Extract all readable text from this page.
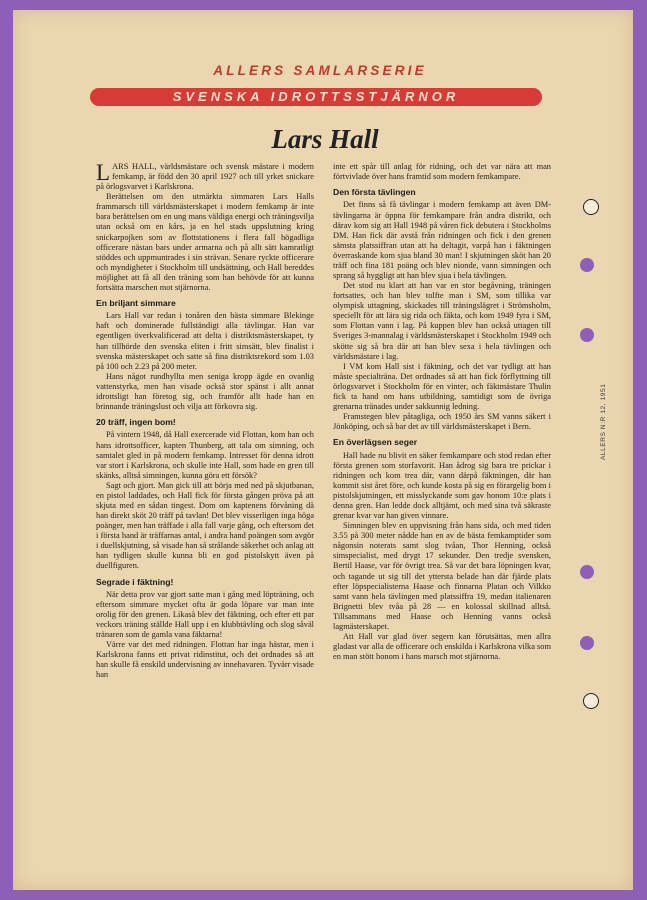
ALLERS SAMLARSERIE
SVENSKA IDROTTSSTJÄRNOR
Lars Hall

LARS HALL, världsmästare och svensk mästare i modern femkamp, är född den 30 april 1927 och till yrket snickare på örlogsvarvet i Karlskrona.

Berättelsen om den utmärkta simmaren Lars Halls frammarsch till världsmästerskapet i modern femkamp är inte bara berättelsen om en ung mans väldiga energi och träningsvilja utan också om en kårs, ja en hel stads uppslutning kring snickarpojken som av flottstationens i flera fall högadliga officerare nästan bars under armarna och på allt sätt kamratligt stöddes och uppmuntrades i sin strävan. Senare ryckte officerare och myndigheter i Stockholm till undsättning, och Hall bereddes möjlighet att få all den träning som han behövde för att kunna fortsätta marschen mot stjärnorna.

En briljant simmare

Lars Hall var redan i tonåren den bästa simmare Blekinge haft och dominerade fullständigt alla tävlingar. Han var egentligen överkvalificerad att delta i distriktsmästerskapet, ty han tillhörde den svenska eliten i fritt simsätt, blev finalist i svenska mästerskapet och satte så fina distriktsrekord som 1.03 på 100 och 2.23 på 200 meter.

Hans något rundhyllta men seniga kropp ägde en ovanlig vattenstyrka, men han visade också stor spänst i allt annat idrottsligt han företog sig, och framför allt hade han en brinnande träningslust och vilja att förkovra sig.

20 träff, ingen bom!

På vintern 1948, då Hall exercerade vid Flottan, kom han och hans idrottsofficer, kapten Thunberg, att tala om simning, och samtalet gled in på modern femkamp. Intresset för denna idrott var stort i Karlskrona, och skulle inte Hall, som hade en gren till skänks, alltså simningen, kunna göra ett försök?

Sagt och gjort. Man gick till att börja med ned på skjutbanan, en pistol laddades, och Hall fick för första gången pröva på att skjuta med en sådan tingest. Dom om kaptenens förvåning då han direkt sköt 20 träff på tavlan! Det blev visserligen inga höga poänger, men han träffade i alla fall varje gång, och eftersom det i första hand är träffarnas antal, i andra hand poängen som avgör i duellskjutning, så visade han så strålande säkerhet och anlag att han tydligen skulle kunna bli en god pistolskytt även på duellfiguren.

Segrade i fäktning!

När detta prov var gjort satte man i gång med löpträning, och eftersom simmare mycket ofta är goda löpare var man inte orolig för den grenen. Likaså blev det fäktning, och efter ett par veckors träning ställde Hall upp i en klubbtävling och slog såväl tränaren som de gamla vana fäktarna!

Värre var det med ridningen. Flottan har inga hästar, men i Karlskrona fanns ett privat ridinstitut, och det ordnades så att han skulle få enskild undervisning av innehavaren. Tyvärr visade han

inte ett spår till anlag för ridning, och det var nära att man förtvivlade över hans framtid som modern femkampare.

Den första tävlingen

Det finns så få tävlingar i modern femkamp att även DM-tävlingarna är öppna för femkampare från andra distrikt, och därav kom sig att Hall 1948 på våren fick debutera i Stockholms DM. Han fick där avstå från ridningen och fick i den grenen sämsta platssiffran utan att ha deltagit, varpå han i fäktningen överraskande kom sjua bland 30 man! I skjutningen sköt han 20 träff och fina 181 poäng och blev nionde, vann simningen och sprang så hyggligt att han blev sjua i hela tävlingen.

Det stod nu klart att han var en stor begåvning, träningen fortsattes, och han blev tolfte man i SM, som tillika var olympisk uttagning, skickades till träningslägret i Strömsholm, speciellt för att lära sig rida och fäkta, och kom 1949 fyra i SM, som Flottan vann i lag. På kuppen blev han också uttagen till Sveriges 3-mannalag i världsmästerskapet i Stockholm 1949 och skötte sig så bra där att han blev sexa i hela tävlingen och världsmästare i lag.

I VM kom Hall sist i fäktning, och det var tydligt att han måste specialträna. Det ordnades så att han fick förflyttning till örlogsvarvet i Stockholm för en vinter, och fäktmästare Thulin fick ta hand om hans utbildning, samtidigt som de övriga grenarna tränades under sakkunnig ledning.

Framstegen blev påtagliga, och 1950 års SM vanns säkert i Jönköping, och så bar det av till världsmästerskapet i Bern.

En överlägsen seger

Hall hade nu blivit en säker femkampare och stod redan efter första grenen som storfavorit. Han ådrog sig bara tre prickar i ridningen och kom trea där, vann därpå fäktningen, där han kommit sist året före, och kunde kosta på sig en förargelig bom i pistolskjutningen, ett misslyckande som gav honom 10:e plats i denna gren. Han ledde dock alltjämt, och med sina två säkraste grenar kvar var han given vinnare.

Simningen blev en uppvisning från hans sida, och med tiden 3.55 på 300 meter nådde han en av de bästa femkamptider som någonsin noterats samt slog tvåan, Thor Henning, också simspecialist, med drygt 17 sekunder. Den tredje svensken, Bertil Haase, var för övrigt trea. Så var det bara löpningen kvar, och tagande ut sig till det yttersta belade han där fjärde plats efter löpspecialisterna Haase och finnarna Platan och Vilkko samt vann hela tävlingen med platssiffra 19, medan italienaren Brignetti blev tvåa på 28 — en kolossal skillnad alltså. Tillsammans med Haase och Henning vanns också lagmästerskapet.

Att Hall var glad över segern kan förutsättas, men allra gladast var alla de officerare och enskilda i Karlskrona vilka som en man stött honom i hans marsch mot stjärnorna.

ALLERS N:R 12, 1951
